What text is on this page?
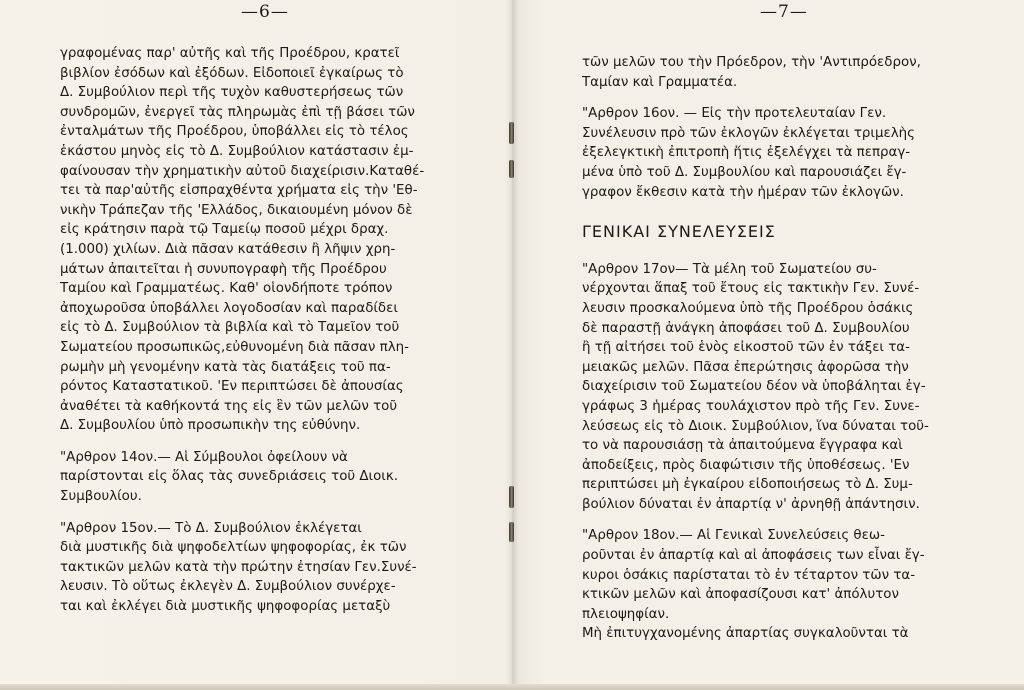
—6—

γραφομένας παρ' αὐτῆς καὶ τῆς Προέδρου, κρατεῖ
βιβλίον ἐσόδων καὶ ἐξόδων. Εἰδοποιεῖ ἐγκαίρως τὸ
Δ. Συμβούλιον περὶ τῆς τυχὸν καθυστερήσεως τῶν
συνδρομῶν, ἐνεργεῖ τὰς πληρωμὰς ἐπὶ τῇ βάσει τῶν
ἐνταλμάτων τῆς Προέδρου, ὑποβάλλει εἰς τὸ τέλος
ἑκάστου μηνὸς εἰς τὸ Δ. Συμβούλιον κατάστασιν ἐμ-
φαίνουσαν τὴν χρηματικὴν αὐτοῦ διαχείρισιν.Καταθέ-
τει τὰ παρ'αὐτῆς εἰσπραχθέντα χρήματα εἰς τὴν 'Εθ-
νικὴν Τράπεζαν τῆς 'Ελλάδος, δικαιουμένη μόνον δὲ
εἰς κράτησιν παρὰ τῷ Ταμείῳ ποσοῦ μέχρι δραχ.
(1.000) χιλίων. Διὰ πᾶσαν κατάθεσιν ἢ λῆψιν χρη-
μάτων ἀπαιτεῖται ἡ συνυπογραφὴ τῆς Προέδρου
Ταμίου καὶ Γραμματέως. Καθ' οἱονδήποτε τρόπον
ἀποχωροῦσα ὑποβάλλει λογοδοσίαν καὶ παραδίδει
εἰς τὸ Δ. Συμβούλιον τὰ βιβλία καὶ τὸ Ταμεῖον τοῦ
Σωματείου προσωπικῶς,εὐθυνομένη διὰ πᾶσαν πλη-
ρωμὴν μὴ γενομένην κατὰ τὰς διατάξεις τοῦ πα-
ρόντος Καταστατικοῦ. 'Εν περιπτώσει δὲ ἀπουσίας
ἀναθέτει τὰ καθήκοντά της εἰς ἓν τῶν μελῶν τοῦ
Δ. Συμβουλίου ὑπὸ προσωπικὴν της εὐθύνην.

"Αρθρον 14ον.— Αἱ Σύμβουλοι ὀφείλουν νὰ
παρίστονται εἰς ὅλας τὰς συνεδριάσεις τοῦ Διοικ.
Συμβουλίου.

"Αρθρον 15ον.— Τὸ Δ. Συμβούλιον ἐκλέγεται
διὰ μυστικῆς διὰ ψηφοδελτίων ψηφοφορίας, ἐκ τῶν
τακτικῶν μελῶν κατὰ τὴν πρώτην ἐτησίαν Γεν.Συνέ-
λευσιν. Τὸ οὕτως ἐκλεγὲν Δ. Συμβούλιον συνέρχε-
ται καὶ ἐκλέγει διὰ μυστικῆς ψηφοφορίας μεταξὺ

—7—

τῶν μελῶν του τὴν Πρόεδρον, τὴν 'Αντιπρόεδρον,
Ταμίαν καὶ Γραμματέα.

"Αρθρον 16ον. — Εἰς τὴν προτελευταίαν Γεν.
Συνέλευσιν πρὸ τῶν ἐκλογῶν ἐκλέγεται τριμελὴς
ἐξελεγκτικὴ ἐπιτροπὴ ἥτις ἐξελέγχει τὰ πεπραγ-
μένα ὑπὸ τοῦ Δ. Συμβουλίου καὶ παρουσιάζει ἔγ-
γραφον ἔκθεσιν κατὰ τὴν ἡμέραν τῶν ἐκλογῶν.

ΓΕΝΙΚΑΙ ΣΥΝΕΛΕΥΣΕΙΣ

"Αρθρον 17ον— Τὰ μέλη τοῦ Σωματείου συ-
νέρχονται ἅπαξ τοῦ ἔτους εἰς τακτικὴν Γεν. Συνέ-
λευσιν προσκαλούμενα ὑπὸ τῆς Προέδρου ὁσάκις
δὲ παραστῇ ἀνάγκη ἀποφάσει τοῦ Δ. Συμβουλίου
ἢ τῇ αἰτήσει τοῦ ἑνὸς εἰκοστοῦ τῶν ἐν τάξει τα-
μειακῶς μελῶν. Πᾶσα ἐπερώτησις ἀφορῶσα τὴν
διαχείρισιν τοῦ Σωματείου δέον νὰ ὑποβάληται ἐγ-
γράφως 3 ἡμέρας τουλάχιστον πρὸ τῆς Γεν. Συνε-
λεύσεως εἰς τὸ Διοικ. Συμβούλιον, ἵνα δύναται τοῦ-
το νὰ παρουσιάσῃ τὰ ἀπαιτούμενα ἔγγραφα καὶ
ἀποδείξεις, πρὸς διαφώτισιν τῆς ὑποθέσεως. 'Εν
περιπτώσει μὴ ἐγκαίρου εἰδοποιήσεως τὸ Δ. Συμ-
βούλιον δύναται ἐν ἀπαρτίᾳ ν' ἀρνηθῇ ἀπάντησιν.

"Αρθρον 18ον.— Αἱ Γενικαὶ Συνελεύσεις θεω-
ροῦνται ἐν ἀπαρτίᾳ καὶ αἱ ἀποφάσεις των εἶναι ἔγ-
κυροι ὁσάκις παρίσταται τὸ ἐν τέταρτον τῶν τα-
κτικῶν μελῶν καὶ ἀποφασίζουσι κατ' ἀπόλυτον
πλειοψηφίαν.
Μὴ ἐπιτυγχανομένης ἀπαρτίας συγκαλοῦνται τὰ
